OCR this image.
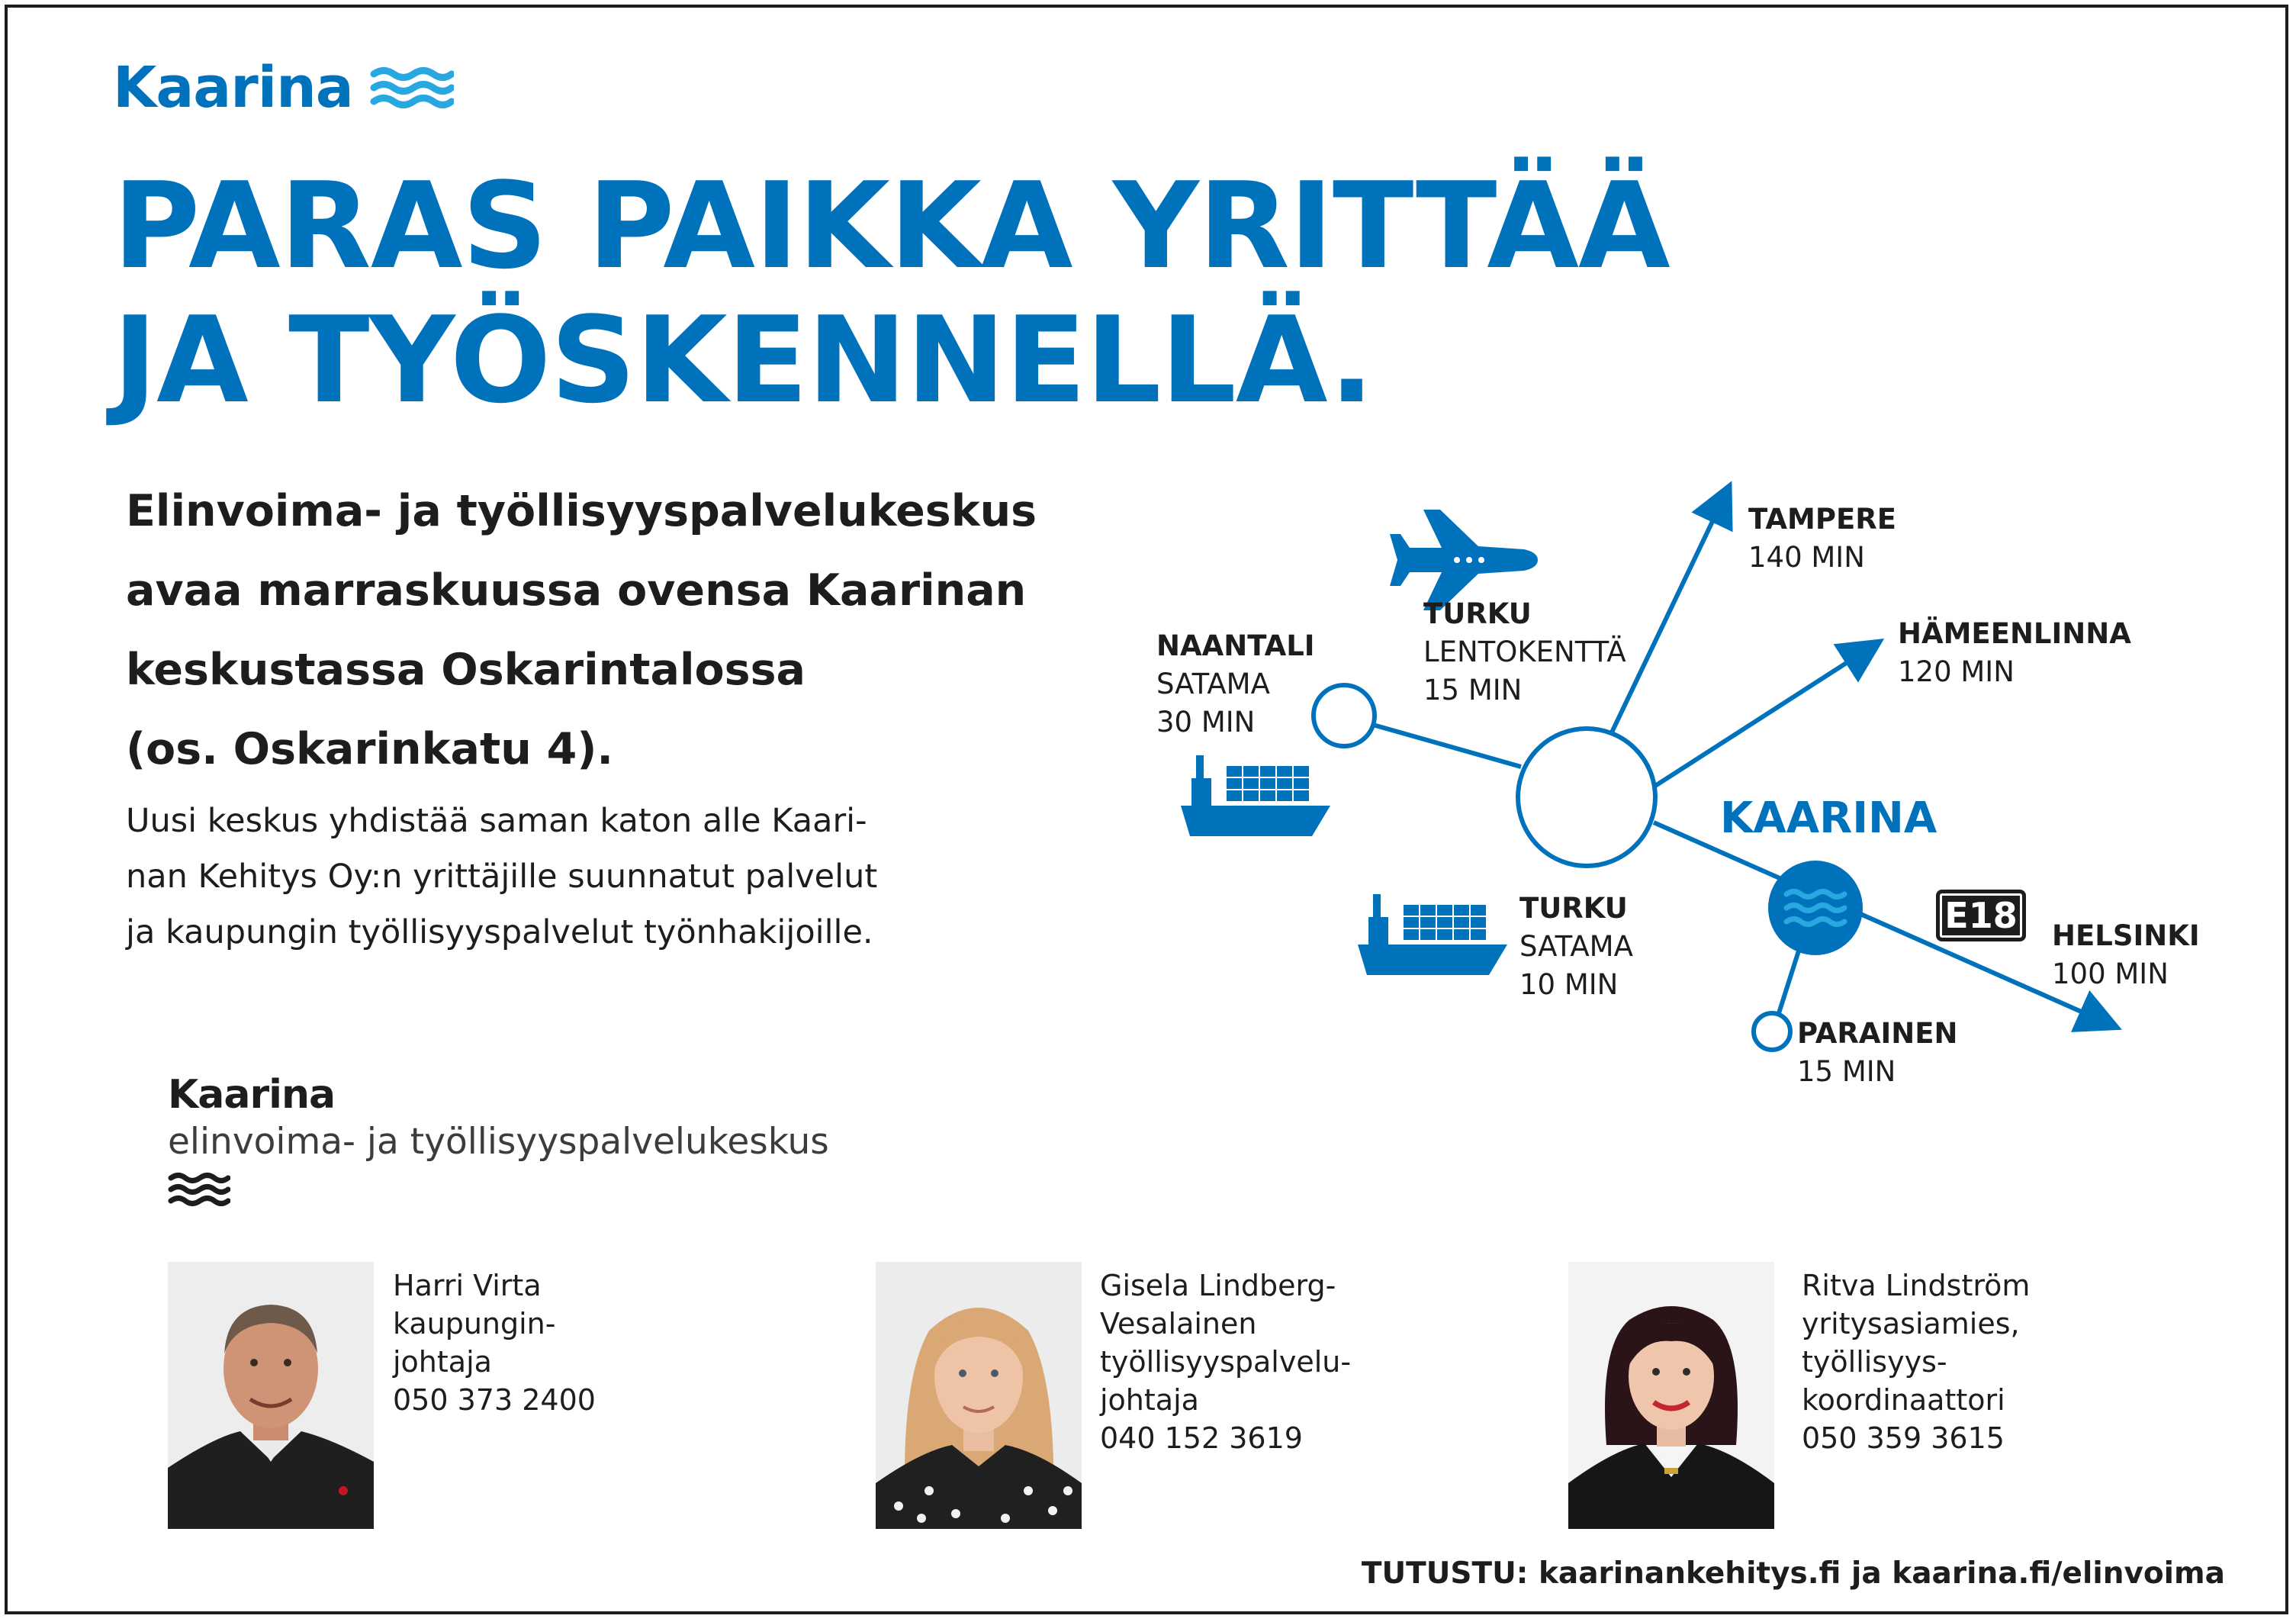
Kaarina
PARAS PAIKKA YRITTÄÄ
JA TYÖSKENNELLÄ.
Elinvoima- ja työllisyyspalvelukeskus
avaa marraskuussa ovensa Kaarinan
keskustassa Oskarintalossa
(os. Oskarinkatu 4).
Uusi keskus yhdistää saman katon alle Kaari-
nan Kehitys Oy:n yrittäjille suunnatut palvelut
ja kaupungin työllisyyspalvelut työnhakijoille.
TAMPERE
140 MIN
HÄMEENLINNA
120 MIN
TURKU
LENTOKENTTÄ
15 MIN
NAANTALI
SATAMA
30 MIN
TURKU
SATAMA
10 MIN
HELSINKI
100 MIN
PARAINEN
15 MIN
KAARINA
E18
Kaarina
elinvoima- ja työllisyyspalvelukeskus
Harri Virta
kaupungin-
johtaja
050 373 2400
Gisela Lindberg-
Vesalainen
työllisyyspalvelu-
johtaja
040 152 3619
Ritva Lindström
yritysasiamies,
työllisyys-
koordinaattori
050 359 3615
TUTUSTU: kaarinankehitys.fi ja kaarina.fi/elinvoima
